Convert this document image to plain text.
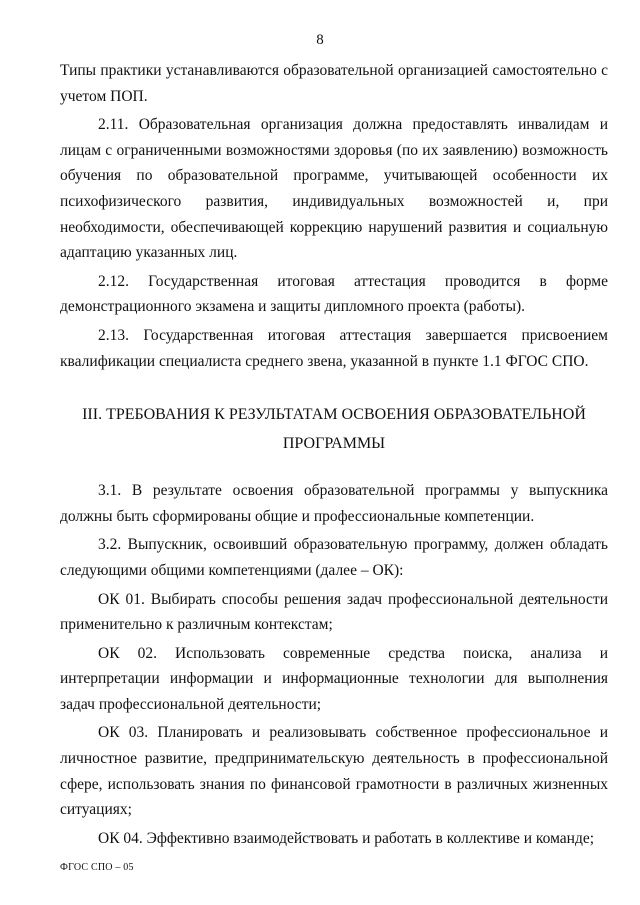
8

Типы практики устанавливаются образовательной организацией самостоятельно с учетом ПОП.

2.11. Образовательная организация должна предоставлять инвалидам и лицам с ограниченными возможностями здоровья (по их заявлению) возможность обучения по образовательной программе, учитывающей особенности их психофизического развития, индивидуальных возможностей и, при необходимости, обеспечивающей коррекцию нарушений развития и социальную адаптацию указанных лиц.

2.12. Государственная итоговая аттестация проводится в форме демонстрационного экзамена и защиты дипломного проекта (работы).

2.13. Государственная итоговая аттестация завершается присвоением квалификации специалиста среднего звена, указанной в пункте 1.1 ФГОС СПО.

III. ТРЕБОВАНИЯ К РЕЗУЛЬТАТАМ ОСВОЕНИЯ ОБРАЗОВАТЕЛЬНОЙ ПРОГРАММЫ

3.1. В результате освоения образовательной программы у выпускника должны быть сформированы общие и профессиональные компетенции.

3.2. Выпускник, освоивший образовательную программу, должен обладать следующими общими компетенциями (далее – ОК):

ОК 01. Выбирать способы решения задач профессиональной деятельности применительно к различным контекстам;

ОК 02. Использовать современные средства поиска, анализа и интерпретации информации и информационные технологии для выполнения задач профессиональной деятельности;

ОК 03. Планировать и реализовывать собственное профессиональное и личностное развитие, предпринимательскую деятельность в профессиональной сфере, использовать знания по финансовой грамотности в различных жизненных ситуациях;

ОК 04. Эффективно взаимодействовать и работать в коллективе и команде;

ФГОС СПО – 05
